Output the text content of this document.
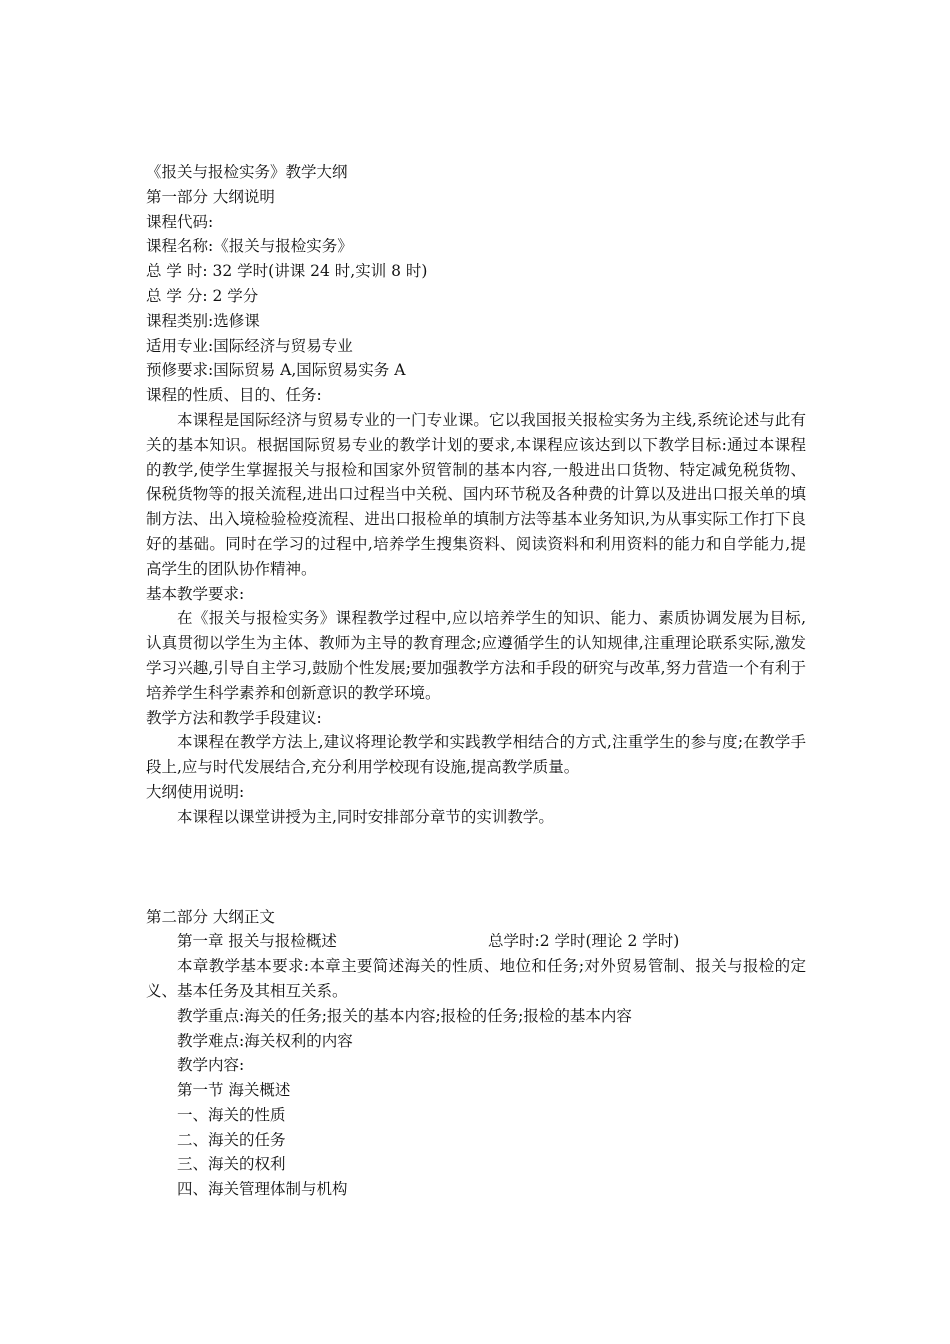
《报关与报检实务》教学大纲
第一部分 大纲说明
课程代码:
课程名称:《报关与报检实务》
总 学 时: 32 学时(讲课 24 时,实训 8 时)
总 学 分: 2 学分
课程类别:选修课
适用专业:国际经济与贸易专业
预修要求:国际贸易 A,国际贸易实务 A
课程的性质、目的、任务:
本课程是国际经济与贸易专业的一门专业课。它以我国报关报检实务为主线,系统论述与此有关的基本知识。根据国际贸易专业的教学计划的要求,本课程应该达到以下教学目标:通过本课程的教学,使学生掌握报关与报检和国家外贸管制的基本内容,一般进出口货物、特定减免税货物、保税货物等的报关流程,进出口过程当中关税、国内环节税及各种费的计算以及进出口报关单的填制方法、出入境检验检疫流程、进出口报检单的填制方法等基本业务知识,为从事实际工作打下良好的基础。同时在学习的过程中,培养学生搜集资料、阅读资料和利用资料的能力和自学能力,提高学生的团队协作精神。
基本教学要求:
在《报关与报检实务》课程教学过程中,应以培养学生的知识、能力、素质协调发展为目标,认真贯彻以学生为主体、教师为主导的教育理念;应遵循学生的认知规律,注重理论联系实际,激发学习兴趣,引导自主学习,鼓励个性发展;要加强教学方法和手段的研究与改革,努力营造一个有利于培养学生科学素养和创新意识的教学环境。
教学方法和教学手段建议:
本课程在教学方法上,建议将理论教学和实践教学相结合的方式,注重学生的参与度;在教学手段上,应与时代发展结合,充分利用学校现有设施,提高教学质量。
大纲使用说明:
本课程以课堂讲授为主,同时安排部分章节的实训教学。
第二部分 大纲正文
第一章 报关与报检概述	总学时:2 学时(理论 2 学时)
本章教学基本要求:本章主要简述海关的性质、地位和任务;对外贸易管制、报关与报检的定义、基本任务及其相互关系。
教学重点:海关的任务;报关的基本内容;报检的任务;报检的基本内容
教学难点:海关权利的内容
教学内容:
第一节 海关概述
一、海关的性质
二、海关的任务
三、海关的权利
四、海关管理体制与机构
